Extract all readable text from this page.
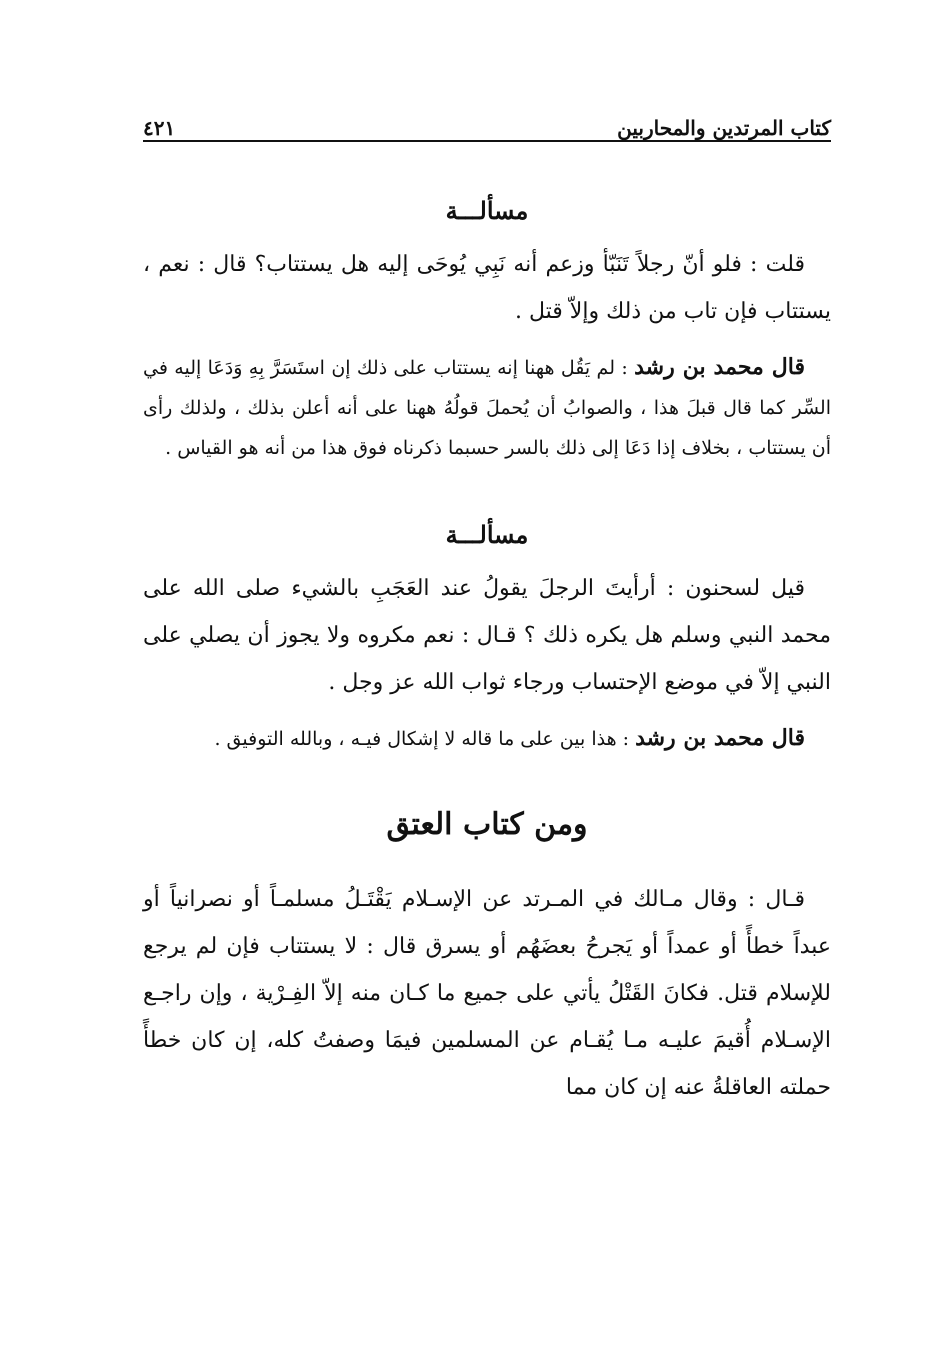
كتاب المرتدين والمحاربين
٤٢١
مسألـــة

قلت : فلو أنّ رجلاً تَنَبّأ وزعم أنه نَبِي يُوحَى إليه هل يستتاب؟ قال : نعم ، يستتاب فإن تاب من ذلك وإلاّ قتل .

قال محمد بن رشد : لم يَقُل ههنا إنه يستتاب على ذلك إن استَسَرَّ بِهِ وَدَعَا إليه في السِّر كما قال قبلَ هذا ، والصوابُ أن يُحملَ قولُهُ ههنا على أنه أعلن بذلك ، ولذلك رأى أن يستتاب ، بخلاف إذا دَعَا إلى ذلك بالسر حسبما ذكرناه فوق هذا من أنه هو القياس .

مسألـــة

قيل لسحنون : أرأيتَ الرجلَ يقولُ عند العَجَبِ بالشيء صلى الله على محمد النبي وسلم هل يكره ذلك ؟ قـال : نعم مكروه ولا يجوز أن يصلي على النبي إلاّ في موضع الإحتساب ورجاء ثواب الله عز وجل .

قال محمد بن رشد : هذا بين على ما قاله لا إشكال فيـه ، وبالله التوفيق .

ومن كتاب العتق

قـال : وقال مـالك في المـرتد عن الإسـلام يَقْتَـلُ مسلمـاً أو نصرانياً أو عبداً خطأً أو عمداً أو يَجرحُ بعضَهُم أو يسرق قال : لا يستتاب فإن لم يرجع للإسلام قتل. فكانَ القَتْلُ يأتي على جميع ما كـان منه إلاّ الفِـرْية ، وإن راجـع الإسـلام أُقيمَ عليـه مـا يُقـام عن المسلمين فيمَا وصفتُ كله، إن كان خطأً حملته العاقلةُ عنه إن كان مما
